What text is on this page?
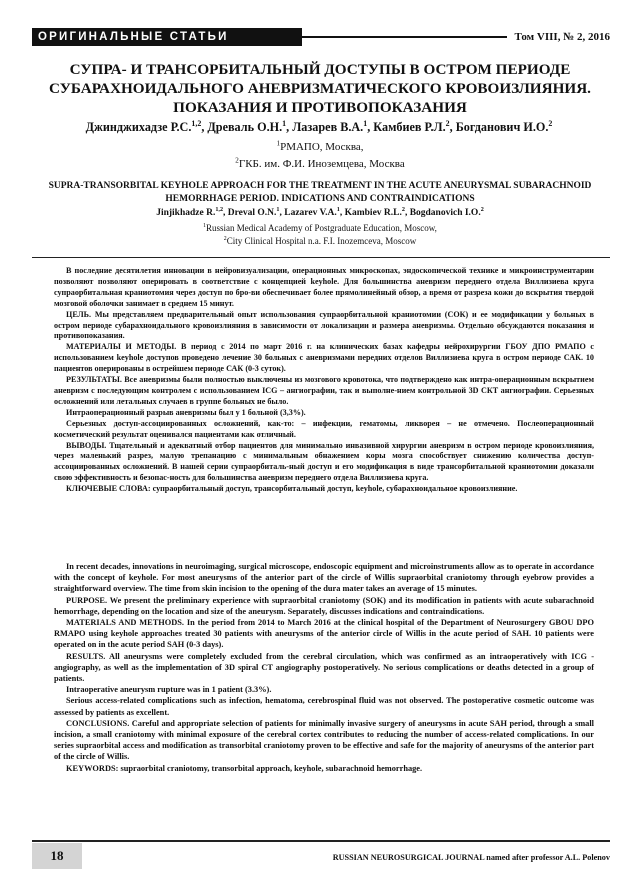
ОРИГИНАЛЬНЫЕ СТАТЬИ	Том VIII, № 2, 2016
СУПРА- И ТРАНСОРБИТАЛЬНЫЙ ДОСТУПЫ В ОСТРОМ ПЕРИОДЕ СУБАРАХНОИДАЛЬНОГО АНЕВРИЗМАТИЧЕСКОГО КРОВОИЗЛИЯНИЯ. ПОКАЗАНИЯ И ПРОТИВОПОКАЗАНИЯ
Джинджихадзе Р.С.$^{1,2}$, Древаль О.Н.$^1$, Лазарев В.А.$^1$, Камбиев Р.Л.$^2$, Богданович И.О.$^2$
$^1$РМАПО, Москва,
$^2$ГКБ. им. Ф.И. Иноземцева, Москва
SUPRA-TRANSORBITAL KEYHOLE APPROACH FOR THE TREATMENT IN THE ACUTE ANEURYSMAL SUBARACHNOID HEMORRHAGE PERIOD. INDICATIONS AND CONTRAINDICATIONS
Jinjikhadze R.$^{1,2}$, Dreval O.N.$^1$, Lazarev V.A.$^1$, Kambiev R.L.$^2$, Bogdanovich I.O.$^2$
$^1$Russian Medical Academy of Postgraduate Education, Moscow,
$^2$City Clinical Hospital n.a. F.I. Inozemceva, Moscow

В последние десятилетия инновации в нейровизуализации, операционных микроскопах, эндоскопической технике и микроинструментарии позволяют позволяют оперировать в соответствие с концепцией keyhole. Для большинства аневризм переднего отдела Виллизиева круга супраорбитальная краниотомия через доступ по бро-ви обеспечивает более прямолинейный обзор, а время от разреза кожи до вскрытия твердой мозговой оболочки занимает в среднем 15 минут.

ЦЕЛЬ. Мы представляем предварительный опыт использования супраорбитальной краниотомии (СОК) и ее модификации у больных в остром периоде субарахноидального кровоизлияния в зависимости от локализации и размера аневризмы. Отдельно обсуждаются показания и противопоказания.

МАТЕРИАЛЫ И МЕТОДЫ. В период с 2014 по март 2016 г. на клинических базах кафедры нейрохирургии ГБОУ ДПО РМАПО с использованием keyhole доступов проведено лечение 30 больных с аневризмами передних отделов Виллизиева круга в остром периоде САК. 10 пациентов оперированы в острейшем периоде САК (0-3 суток).

РЕЗУЛЬТАТЫ. Все аневризмы были полностью выключены из мозгового кровотока, что подтверждено как интра-операционным вскрытием аневризм с последующим контролем с использованием ICG – ангиографии, так и выполне-нием контрольной 3D СКТ ангиографии. Серьезных осложнений или летальных случаев в группе больных не было.

Интраоперационный разрыв аневризмы был у 1 больной (3,3%).

Серьезных доступ-ассоциированных осложнений, как-то: – инфекции, гематомы, ликворея – не отмечено. Послеоперационный косметический результат оценивался пациентами как отличный.

ВЫВОДЫ. Тщательный и адекватный отбор пациентов для минимально инвазивной хирургии аневризм в остром периоде кровоизлияния, через маленький разрез, малую трепанацию с минимальным обнажением коры мозга способствует снижению количества доступ-ассоциированных осложнений. В нашей серии супраорбиталь-ный доступ и его модификация в виде трансорбитальной краниотомии доказали свою эффективность и безопас-ность для большинства аневризм переднего отдела Виллизиева круга.

КЛЮЧЕВЫЕ СЛОВА: супраорбитальный доступ, трансорбитальный доступ, keyhole, субарахноидальное кровоизлияние.

In recent decades, innovations in neuroimaging, surgical microscope, endoscopic equipment and microinstruments allow as to operate in accordance with the concept of keyhole. For most aneurysms of the anterior part of the circle of Willis supraorbital craniotomy through eyebrow provides a straightforward overview. The time from skin incision to the opening of the dura mater takes an average of 15 minutes.

PURPOSE. We present the preliminary experience with supraorbital craniotomy (SOK) and its modification in patients with acute subarachnoid hemorrhage, depending on the location and size of the aneurysm. Separately, discusses indications and contraindications.

MATERIALS AND METHODS. In the period from 2014 to March 2016 at the clinical hospital of the Department of Neurosurgery GBOU DPO RMAPO using keyhole approaches treated 30 patients with aneurysms of the anterior circle of Willis in the acute period of SAH. 10 patients were operated on in the acute period SAH (0-3 days).

RESULTS. All aneurysms were completely excluded from the cerebral circulation, which was confirmed as an intraoperatively with ICG - angiography, as well as the implementation of 3D spiral CT angiography postoperatively. No serious complications or deaths detected in a group of patients.

Intraoperative aneurysm rupture was in 1 patient (3.3%).

Serious access-related complications such as infection, hematoma, cerebrospinal fluid was not observed. The postoperative cosmetic outcome was assessed by patients as excellent.

CONCLUSIONS. Careful and appropriate selection of patients for minimally invasive surgery of aneurysms in acute SAH period, through a small incision, a small craniotomy with minimal exposure of the cerebral cortex contributes to reducing the number of access-related complications. In our series supraorbital access and modification as transorbital craniotomy proven to be effective and safe for the majority of aneurysms of the anterior part of the circle of Willis.

KEYWORDS: supraorbital craniotomy, transorbital approach, keyhole, subarachnoid hemorrhage.

18	RUSSIAN NEUROSURGICAL JOURNAL named after professor A.L. Polenov
